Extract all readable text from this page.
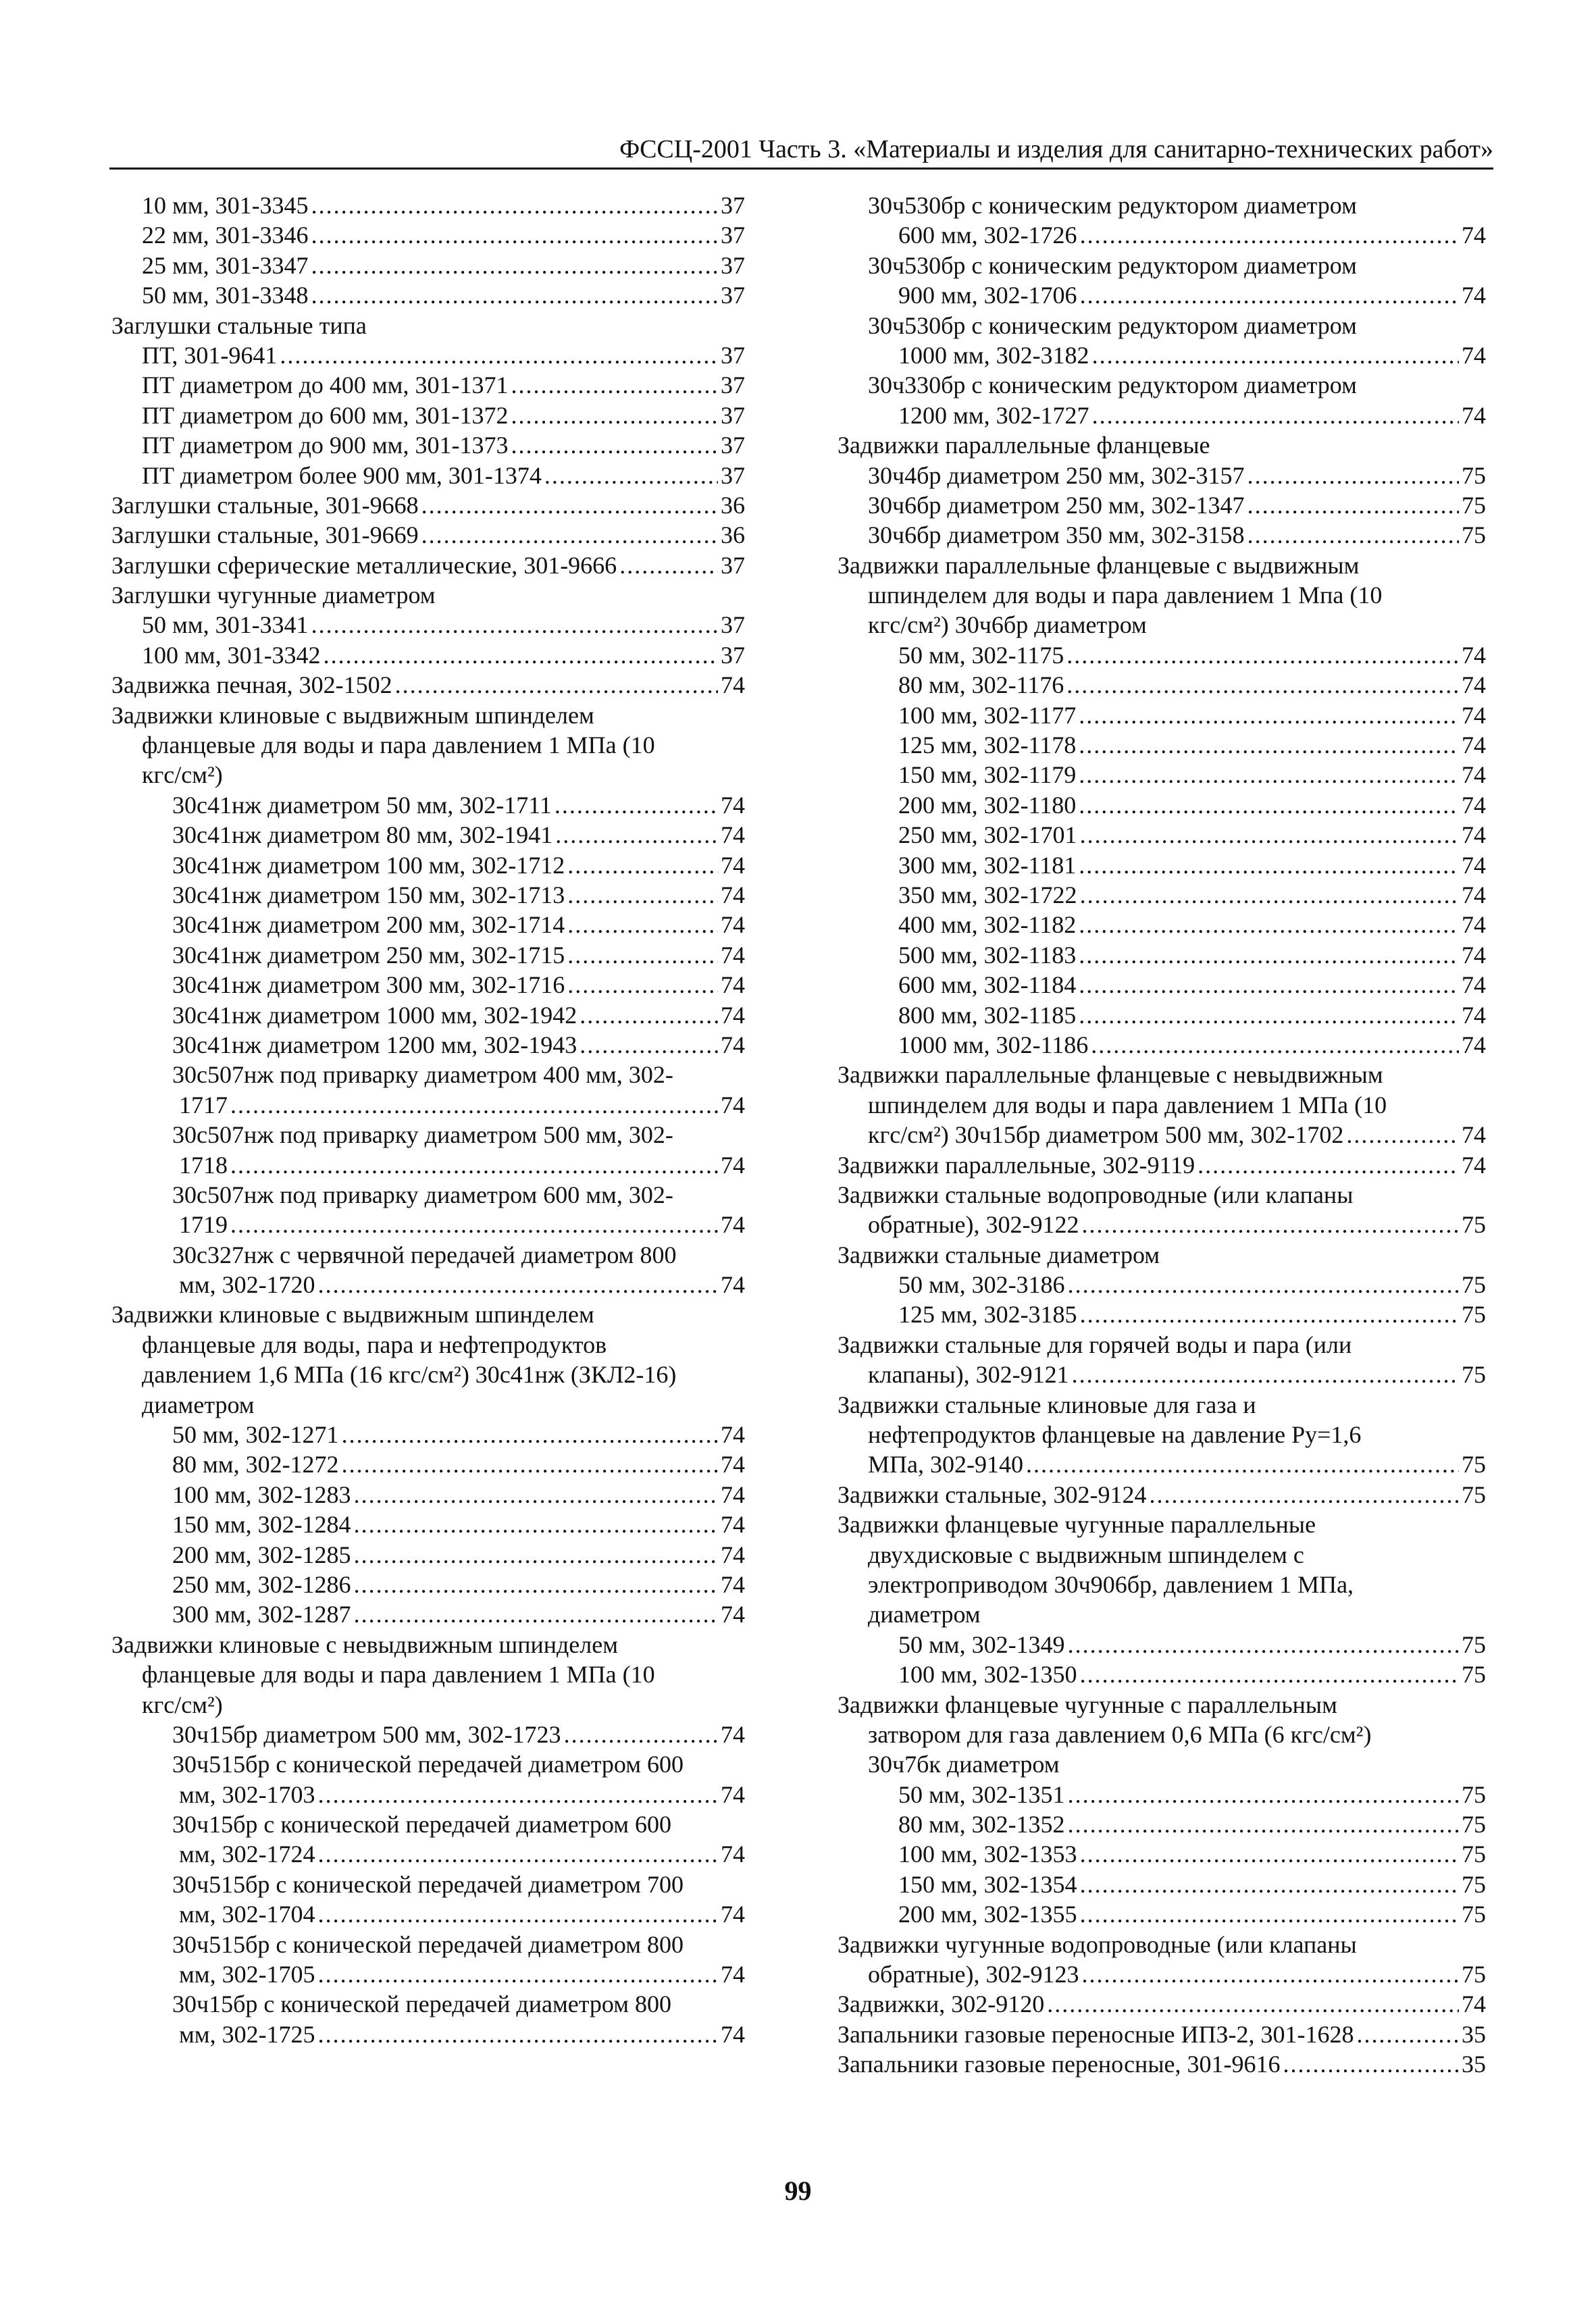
ФССЦ-2001 Часть 3. «Материалы и изделия для санитарно-технических работ»
10 мм, 301-3345 .....	37
22 мм, 301-3346 .....	37
25 мм, 301-3347 .....	37
50 мм, 301-3348 .....	37
Заглушки стальные типа
ПТ, 301-9641 .....	37
ПТ диаметром до 400 мм, 301-1371 .....	37
ПТ диаметром до 600 мм, 301-1372 .....	37
ПТ диаметром до 900 мм, 301-1373 .....	37
ПТ диаметром более 900 мм, 301-1374 .....	37
Заглушки стальные, 301-9668 .....	36
Заглушки стальные, 301-9669 .....	36
Заглушки сферические металлические, 301-9666 .....	37
Заглушки чугунные диаметром
50 мм, 301-3341 .....	37
100 мм, 301-3342 .....	37
Задвижка печная, 302-1502 .....	74
Задвижки клиновые с выдвижным шпинделем
фланцевые для воды и пара давлением 1 МПа (10
кгс/см²)
30с41нж диаметром 50 мм, 302-1711 .....	74
30с41нж диаметром 80 мм, 302-1941 .....	74
30с41нж диаметром 100 мм, 302-1712 .....	74
30с41нж диаметром 150 мм, 302-1713 .....	74
30с41нж диаметром 200 мм, 302-1714 .....	74
30с41нж диаметром 250 мм, 302-1715 .....	74
30с41нж диаметром 300 мм, 302-1716 .....	74
30с41нж диаметром 1000 мм, 302-1942 .....	74
30с41нж диаметром 1200 мм, 302-1943 .....	74
30с507нж под приварку диаметром 400 мм, 302-
1717 .....	74
30с507нж под приварку диаметром 500 мм, 302-
1718 .....	74
30с507нж под приварку диаметром 600 мм, 302-
1719 .....	74
30с327нж с червячной передачей диаметром 800
мм, 302-1720 .....	74
Задвижки клиновые с выдвижным шпинделем
фланцевые для воды, пара и нефтепродуктов
давлением 1,6 МПа (16 кгс/см²) 30с41нж (ЗКЛ2-16)
диаметром
50 мм, 302-1271 .....	74
80 мм, 302-1272 .....	74
100 мм, 302-1283 .....	74
150 мм, 302-1284 .....	74
200 мм, 302-1285 .....	74
250 мм, 302-1286 .....	74
300 мм, 302-1287 .....	74
Задвижки клиновые с невыдвижным шпинделем
фланцевые для воды и пара давлением 1 МПа (10
кгс/см²)
30ч15бр диаметром 500 мм, 302-1723 .....	74
30ч515бр с конической передачей диаметром 600
мм, 302-1703 .....	74
30ч15бр с конической передачей диаметром 600
мм, 302-1724 .....	74
30ч515бр с конической передачей диаметром 700
мм, 302-1704 .....	74
30ч515бр с конической передачей диаметром 800
мм, 302-1705 .....	74
30ч15бр с конической передачей диаметром 800
мм, 302-1725 .....	74
30ч530бр с коническим редуктором диаметром
600 мм, 302-1726 .....	74
30ч530бр с коническим редуктором диаметром
900 мм, 302-1706 .....	74
30ч530бр с коническим редуктором диаметром
1000 мм, 302-3182 .....	74
30ч330бр с коническим редуктором диаметром
1200 мм, 302-1727 .....	74
Задвижки параллельные фланцевые
30ч4бр диаметром 250 мм, 302-3157 .....	75
30ч6бр диаметром 250 мм, 302-1347 .....	75
30ч6бр диаметром 350 мм, 302-3158 .....	75
Задвижки параллельные фланцевые с выдвижным
шпинделем для воды и пара давлением 1 Мпа (10
кгс/см²) 30ч6бр диаметром
50 мм, 302-1175 .....	74
80 мм, 302-1176 .....	74
100 мм, 302-1177 .....	74
125 мм, 302-1178 .....	74
150 мм, 302-1179 .....	74
200 мм, 302-1180 .....	74
250 мм, 302-1701 .....	74
300 мм, 302-1181 .....	74
350 мм, 302-1722 .....	74
400 мм, 302-1182 .....	74
500 мм, 302-1183 .....	74
600 мм, 302-1184 .....	74
800 мм, 302-1185 .....	74
1000 мм, 302-1186 .....	74
Задвижки параллельные фланцевые с невыдвижным
шпинделем для воды и пара давлением 1 МПа (10
кгс/см²) 30ч15бр диаметром 500 мм, 302-1702 .....	74
Задвижки параллельные, 302-9119 .....	74
Задвижки стальные водопроводные (или клапаны
обратные), 302-9122 .....	75
Задвижки стальные диаметром
50 мм, 302-3186 .....	75
125 мм, 302-3185 .....	75
Задвижки стальные для горячей воды и пара (или
клапаны), 302-9121 .....	75
Задвижки стальные клиновые для газа и
нефтепродуктов фланцевые на давление Ру=1,6
МПа, 302-9140 .....	75
Задвижки стальные, 302-9124 .....	75
Задвижки фланцевые чугунные параллельные
двухдисковые с выдвижным шпинделем с
электроприводом 30ч906бр, давлением 1 МПа,
диаметром
50 мм, 302-1349 .....	75
100 мм, 302-1350 .....	75
Задвижки фланцевые чугунные с параллельным
затвором для газа давлением 0,6 МПа (6 кгс/см²)
30ч7бк диаметром
50 мм, 302-1351 .....	75
80 мм, 302-1352 .....	75
100 мм, 302-1353 .....	75
150 мм, 302-1354 .....	75
200 мм, 302-1355 .....	75
Задвижки чугунные водопроводные (или клапаны
обратные), 302-9123 .....	75
Задвижки, 302-9120 .....	74
Запальники газовые переносные ИПЗ-2, 301-1628 .....	35
Запальники газовые переносные, 301-9616 .....	35
99
